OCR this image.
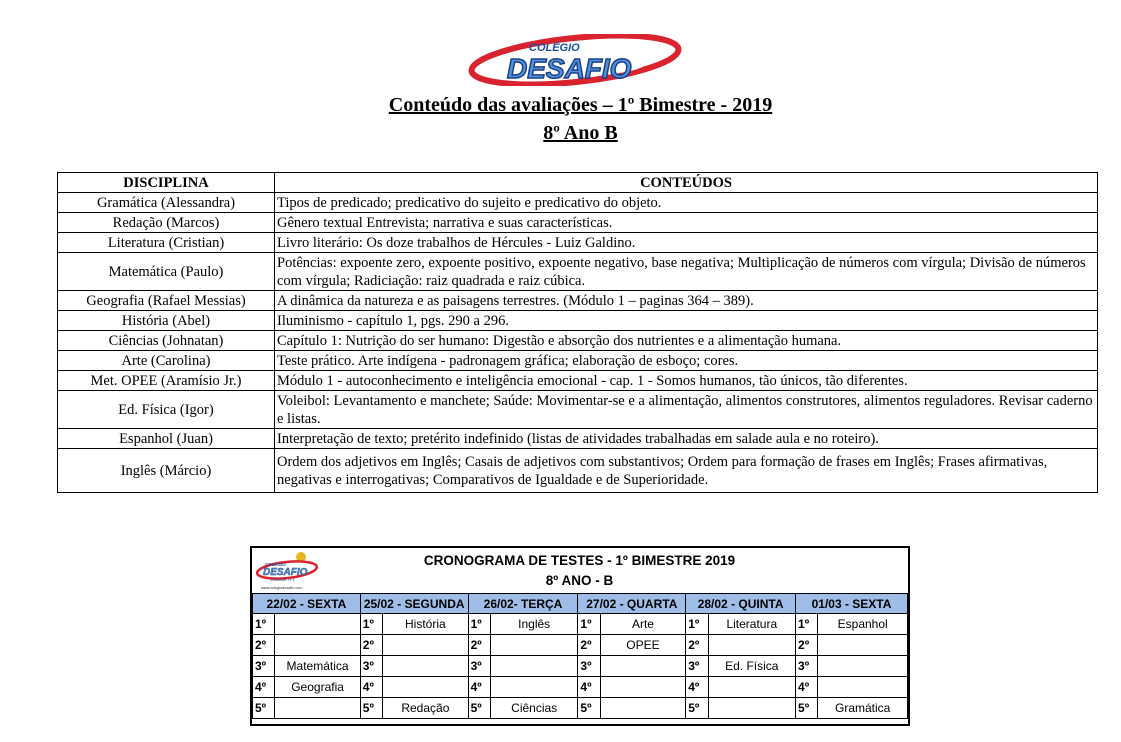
COLÉGIO
DESAFIO
Conteúdo das avaliações – 1º Bimestre - 2019
8º Ano B
DISCIPLINA	CONTEÚDOS
Gramática (Alessandra)	Tipos de predicado; predicativo do sujeito e predicativo do objeto.
Redação (Marcos)	Gênero textual Entrevista; narrativa e suas características.
Literatura (Cristian)	Livro literário: Os doze trabalhos de Hércules - Luiz Galdino.
Matemática (Paulo)	Potências: expoente zero, expoente positivo, expoente negativo, base negativa; Multiplicação de números com vírgula; Divisão de números com vírgula; Radiciação: raiz quadrada e raiz cúbica.
Geografia (Rafael Messias)	A dinâmica da natureza e as paisagens terrestres. (Módulo 1 – paginas 364 – 389).
História (Abel)	Iluminismo - capítulo 1, pgs. 290 a 296.
Ciências (Johnatan)	Capítulo 1: Nutrição do ser humano: Digestão e absorção dos nutrientes e a alimentação humana.
Arte (Carolina)	Teste prático. Arte indígena - padronagem gráfica; elaboração de esboço; cores.
Met. OPEE (Aramísio Jr.)	Módulo 1 - autoconhecimento e inteligência emocional - cap. 1 - Somos humanos, tão únicos, tão diferentes.
Ed. Física (Igor)	Voleibol: Levantamento e manchete; Saúde: Movimentar-se e a alimentação, alimentos construtores, alimentos reguladores. Revisar caderno e listas.
Espanhol (Juan)	Interpretação de texto; pretérito indefinido (listas de atividades trabalhadas em salade aula e no roteiro).
Inglês (Márcio)	Ordem dos adjetivos em Inglês; Casais de adjetivos com substantivos; Ordem para formação de frases em Inglês; Frases afirmativas, negativas e interrogativas; Comparativos de Igualdade e de Superioridade.
COLÉGIO
DESAFIO
UNIDADE I e II
www.colegiodesafio.com
CRONOGRAMA DE TESTES - 1º BIMESTRE 2019
8º ANO - B
22/02 - SEXTA		25/02 - SEGUNDA		26/02- TERÇA		27/02 - QUARTA		28/02 - QUINTA		01/03 - SEXTA	
1º		1º	História	1º	Inglês	1º	Arte	1º	Literatura	1º	Espanhol
2º		2º		2º		2º	OPEE	2º		2º	
3º	Matemática	3º		3º		3º		3º	Ed. Física	3º	
4º	Geografia	4º		4º		4º		4º		4º	
5º		5º	Redação	5º	Ciências	5º		5º		5º	Gramática
